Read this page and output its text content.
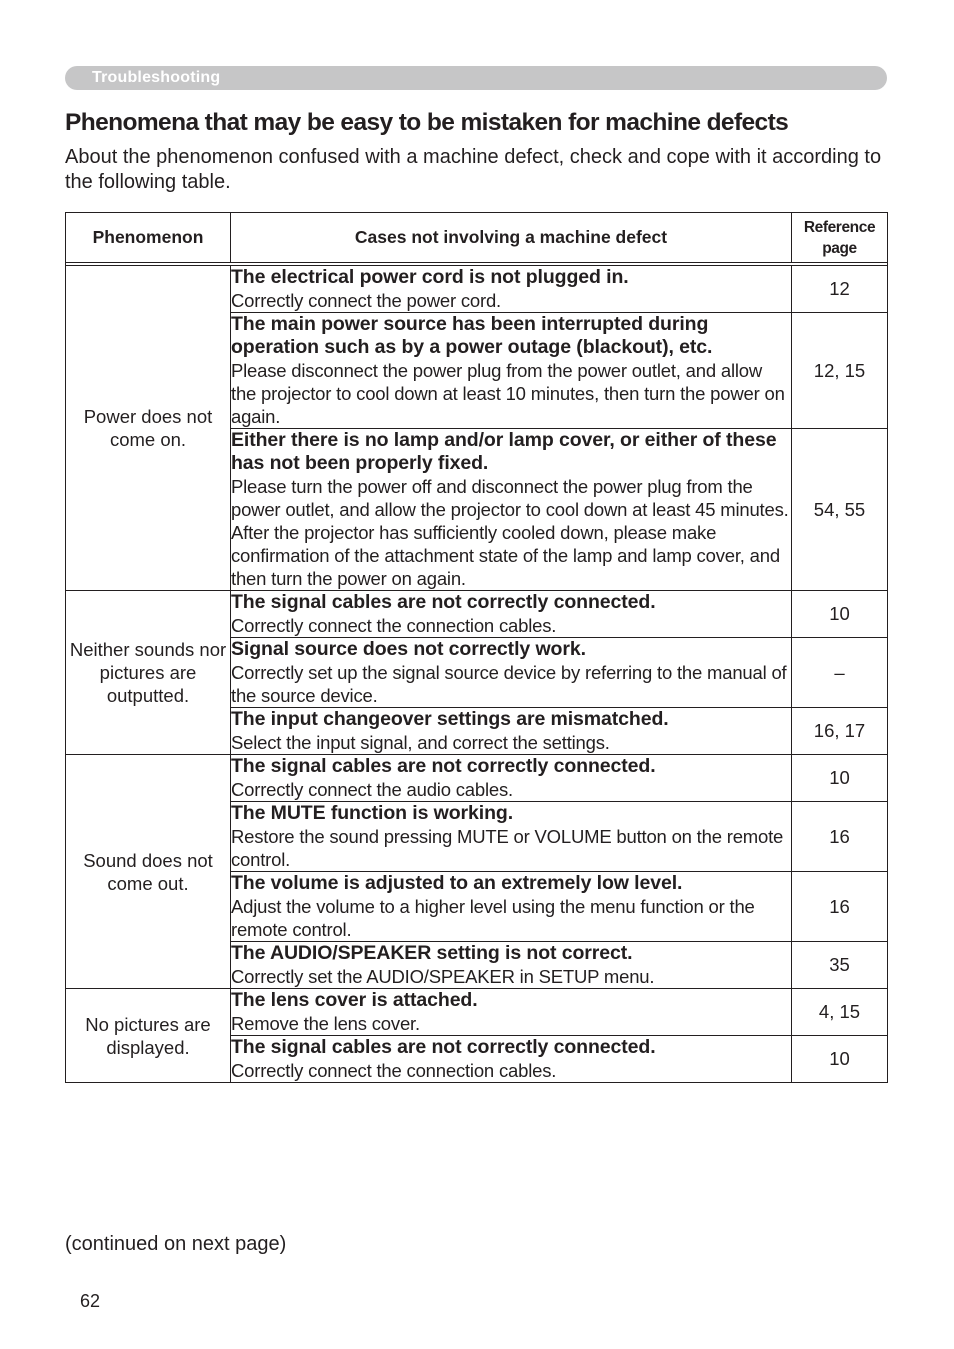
Troubleshooting
Phenomena that may be easy to be mistaken for machine defects

About the phenomenon confused with a machine defect, check and cope with it according to the following table.

Phenomenon	Cases not involving a machine defect	Reference page

Power does not come on.	The electrical power cord is not plugged in.
Correctly connect the power cord.	12

	The main power source has been interrupted during operation such as by a power outage (blackout), etc.
Please disconnect the power plug from the power outlet, and allow the projector to cool down at least 10 minutes, then turn the power on again.	12, 15

	Either there is no lamp and/or lamp cover, or either of these has not been properly fixed.
Please turn the power off and disconnect the power plug from the power outlet, and allow the projector to cool down at least 45 minutes. After the projector has sufficiently cooled down, please make confirmation of the attachment state of the lamp and lamp cover, and then turn the power on again.	54, 55
Neither sounds nor pictures are outputted.	The signal cables are not correctly connected.
Correctly connect the connection cables.	10

	Signal source does not correctly work.
Correctly set up the signal source device by referring to the manual of the source device.	–

	The input changeover settings are mismatched.
Select the input signal, and correct the settings.	16, 17
Sound does not come out.	The signal cables are not correctly connected.
Correctly connect the audio cables.	10

	The MUTE function is working.
Restore the sound pressing MUTE or VOLUME button on the remote control.	16

	The volume is adjusted to an extremely low level.
Adjust the volume to a higher level using the menu function or the remote control.	16

	The AUDIO/SPEAKER setting is not correct.
Correctly set the AUDIO/SPEAKER in SETUP menu.	35
No pictures are displayed.	The lens cover is attached.
Remove the lens cover.	4, 15

	The signal cables are not correctly connected.
Correctly connect the connection cables.	10

(continued on next page)

62
